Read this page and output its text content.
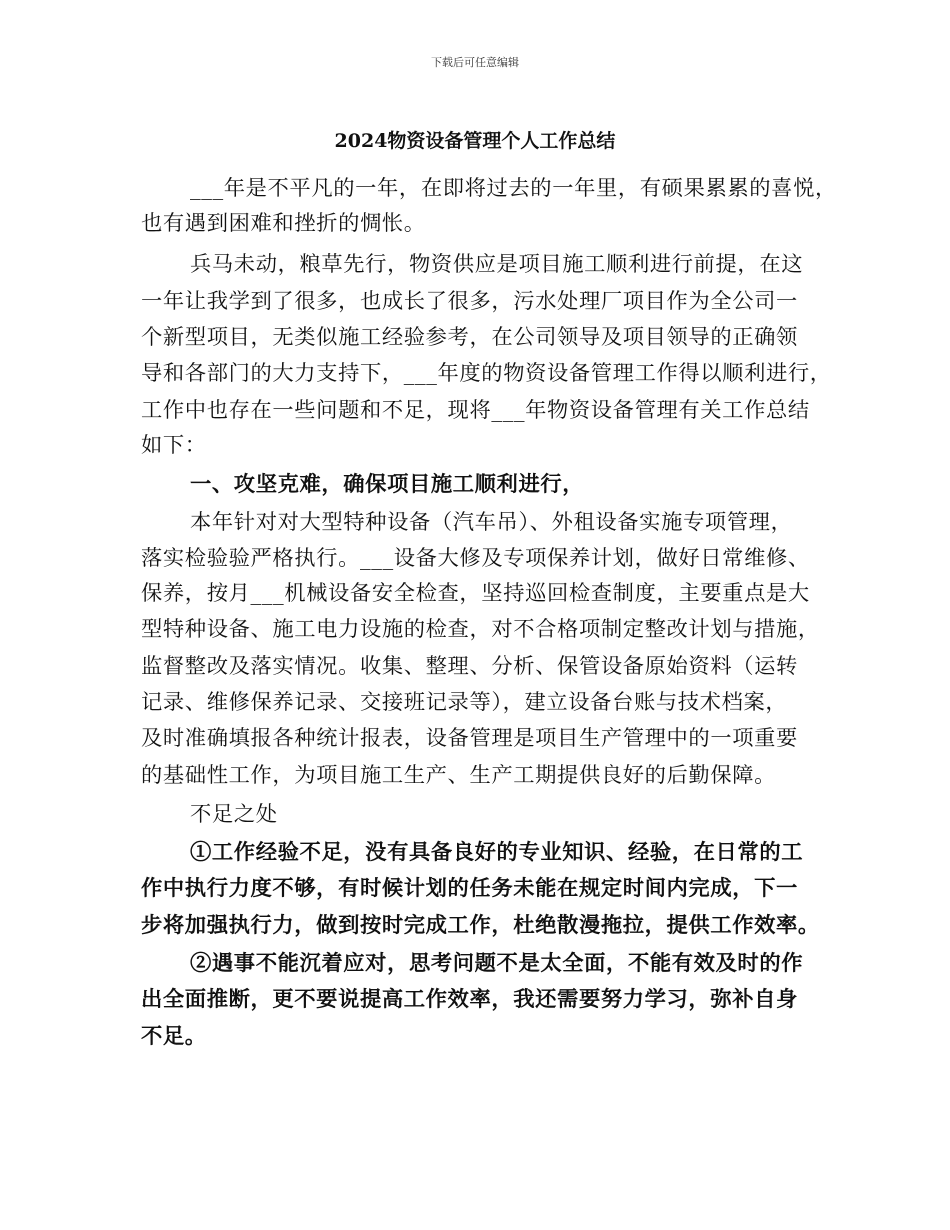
下载后可任意编辑
2024物资设备管理个人工作总结
___年是不平凡的一年，在即将过去的一年里，有硕果累累的喜悦，
也有遇到困难和挫折的惆怅。
兵马未动，粮草先行，物资供应是项目施工顺利进行前提，在这
一年让我学到了很多，也成长了很多，污水处理厂项目作为全公司一
个新型项目，无类似施工经验参考，在公司领导及项目领导的正确领
导和各部门的大力支持下，___年度的物资设备管理工作得以顺利进行，
工作中也存在一些问题和不足，现将___年物资设备管理有关工作总结
如下：
一、攻坚克难，确保项目施工顺利进行，
本年针对对大型特种设备（汽车吊）、外租设备实施专项管理，
落实检验验严格执行。___设备大修及专项保养计划，做好日常维修、
保养，按月___机械设备安全检查，坚持巡回检查制度，主要重点是大
型特种设备、施工电力设施的检查，对不合格项制定整改计划与措施，
监督整改及落实情况。收集、整理、分析、保管设备原始资料（运转
记录、维修保养记录、交接班记录等），建立设备台账与技术档案，
及时准确填报各种统计报表，设备管理是项目生产管理中的一项重要
的基础性工作，为项目施工生产、生产工期提供良好的后勤保障。
不足之处
①工作经验不足，没有具备良好的专业知识、经验，在日常的工
作中执行力度不够，有时候计划的任务未能在规定时间内完成，下一
步将加强执行力，做到按时完成工作，杜绝散漫拖拉，提供工作效率。
②遇事不能沉着应对，思考问题不是太全面，不能有效及时的作
出全面推断，更不要说提高工作效率，我还需要努力学习，弥补自身
不足。
